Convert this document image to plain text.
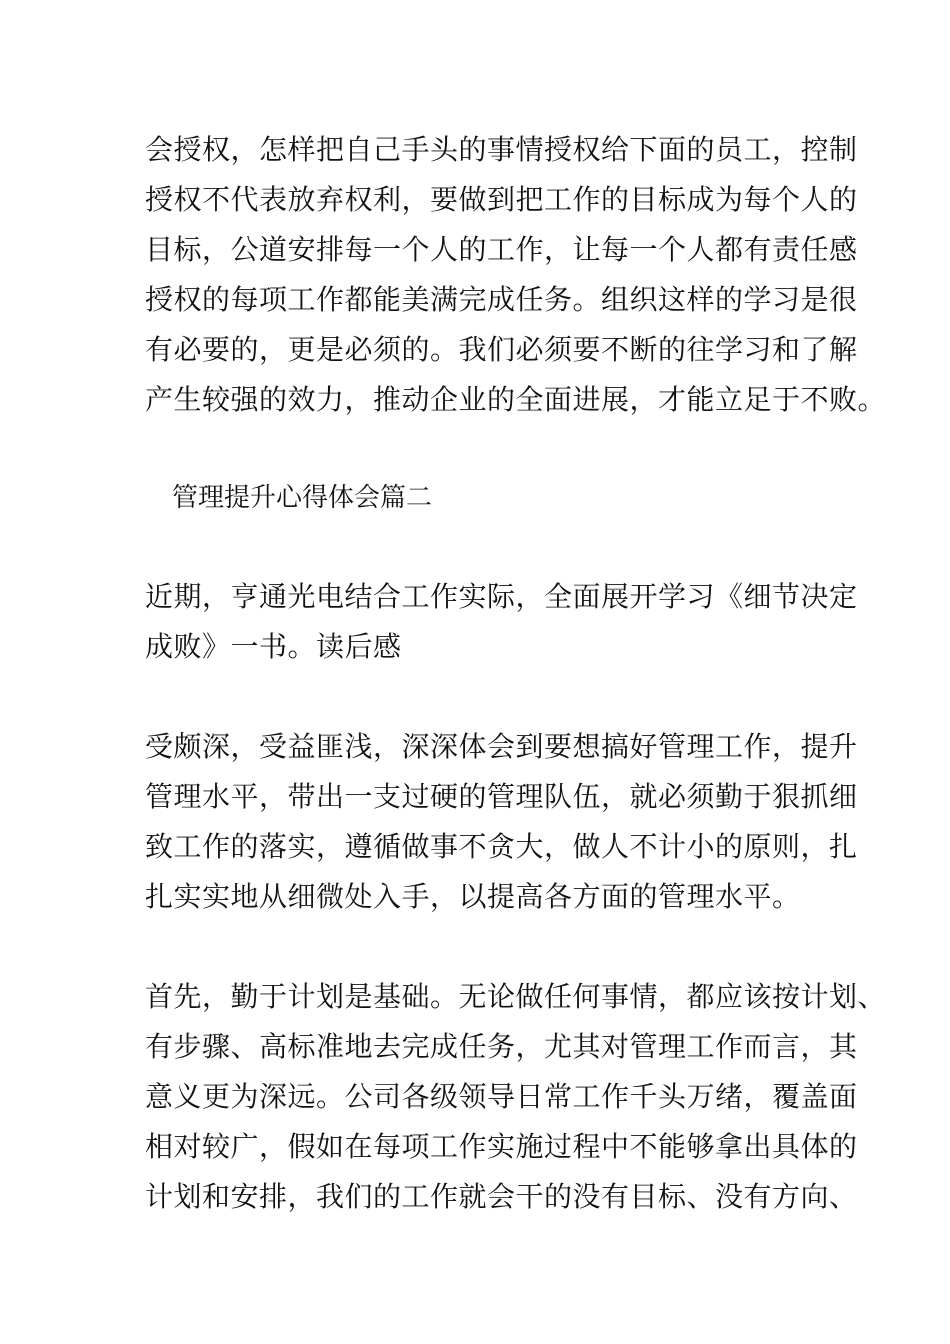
会授权，怎样把自己手头的事情授权给下面的员工，控制
授权不代表放弃权利，要做到把工作的目标成为每个人的
目标，公道安排每一个人的工作，让每一个人都有责任感
授权的每项工作都能美满完成任务。组织这样的学习是很
有必要的，更是必须的。我们必须要不断的往学习和了解
产生较强的效力，推动企业的全面进展，才能立足于不败。
管理提升心得体会篇二
近期，亨通光电结合工作实际，全面展开学习《细节决定
成败》一书。读后感
受颇深，受益匪浅，深深体会到要想搞好管理工作，提升
管理水平，带出一支过硬的管理队伍，就必须勤于狠抓细
致工作的落实，遵循做事不贪大，做人不计小的原则，扎
扎实实地从细微处入手，以提高各方面的管理水平。
首先，勤于计划是基础。无论做任何事情，都应该按计划、
有步骤、高标准地去完成任务，尤其对管理工作而言，其
意义更为深远。公司各级领导日常工作千头万绪，覆盖面
相对较广，假如在每项工作实施过程中不能够拿出具体的
计划和安排，我们的工作就会干的没有目标、没有方向、
